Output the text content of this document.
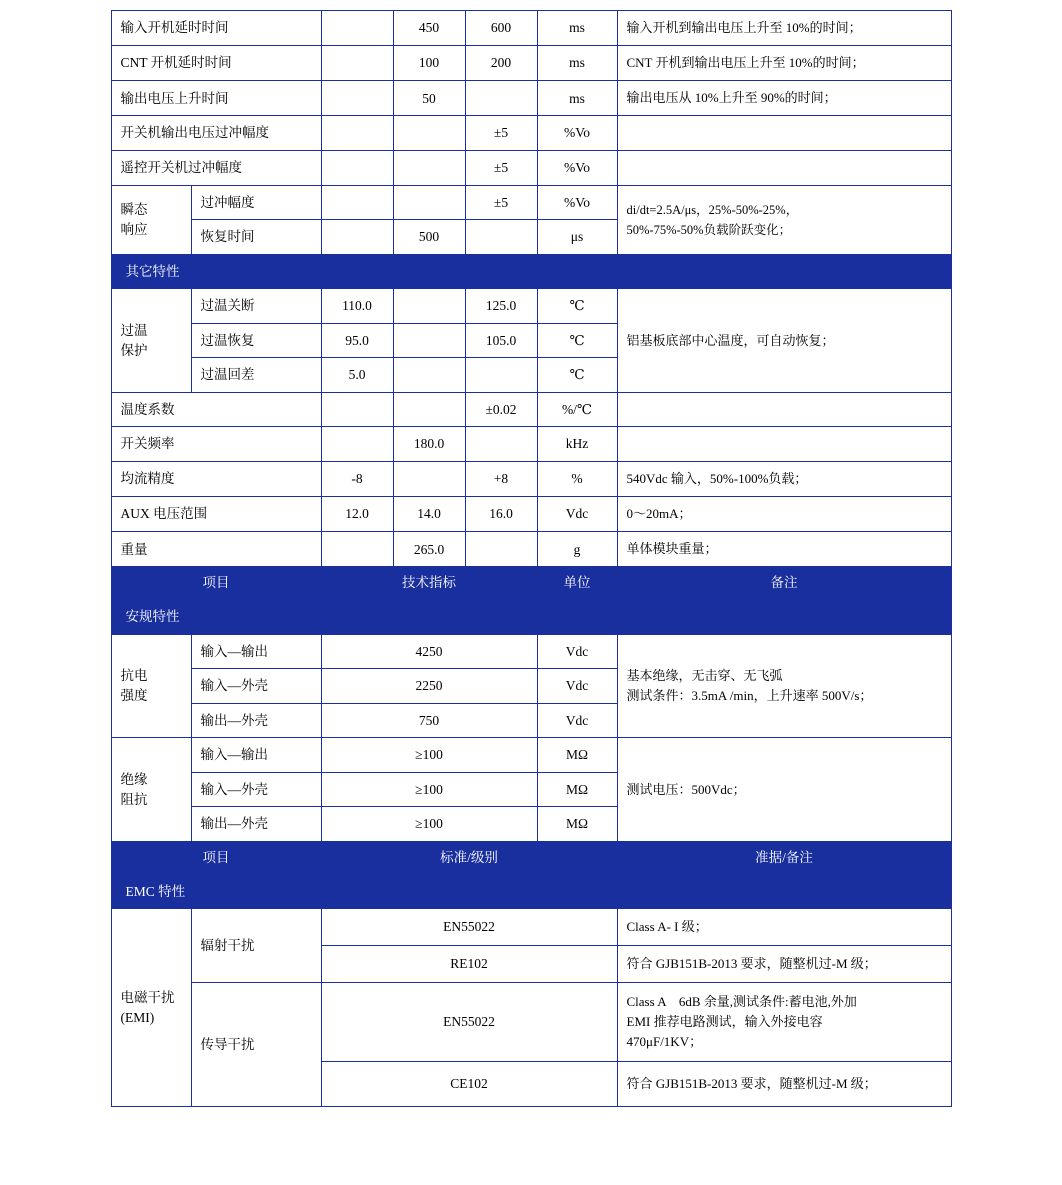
输入开机延时时间			450	600	ms	输入开机到输出电压上升至 10%的时间；

CNT 开机延时时间			100	200	ms	CNT 开机到输出电压上升至 10%的时间；

输出电压上升时间			50		ms	输出电压从 10%上升至 90%的时间；

开关机输出电压过冲幅度				±5	%Vo	

遥控开关机过冲幅度				±5	%Vo	

瞬态
响应	过冲幅度			±5	%Vo	di/dt=2.5A/μs，25%-50%-25%，
50%-75%-50%负载阶跃变化；

	恢复时间		500		μs	

其它特性						

过温
保护	过温关断	110.0		125.0	℃	铝基板底部中心温度，可自动恢复；

	过温恢复	95.0		105.0	℃	

	过温回差	5.0			℃	

温度系数				±0.02	%/℃	

开关频率			180.0		kHz	

均流精度		-8		+8	%	540Vdc 输入，50%-100%负载；

AUX 电压范围		12.0	14.0	16.0	Vdc	0～20mA；

重量			265.0		g	单体模块重量；

项目		技术指标			单位	备注

安规特性						

抗电
强度	输入—输出	4250			Vdc	基本绝缘，无击穿、无飞弧
测试条件：3.5mA /min，上升速率 500V/s；

	输入—外壳	2250			Vdc	

	输出—外壳	750			Vdc	

绝缘
阻抗	输入—输出	≥100			MΩ	测试电压：500Vdc；

	输入—外壳	≥100			MΩ	

	输出—外壳	≥100			MΩ	

项目		标准/级别				准据/备注

EMC 特性						

电磁干扰
(EMI)	辐射干扰	EN55022				Class A- I 级；

		RE102				符合 GJB151B-2013 要求，随整机过-M 级；

	传导干扰	EN55022				Class A　6dB 余量,测试条件:蓄电池,外加
EMI 推荐电路测试，输入外接电容
470μF/1KV；

		CE102				符合 GJB151B-2013 要求，随整机过-M 级；
